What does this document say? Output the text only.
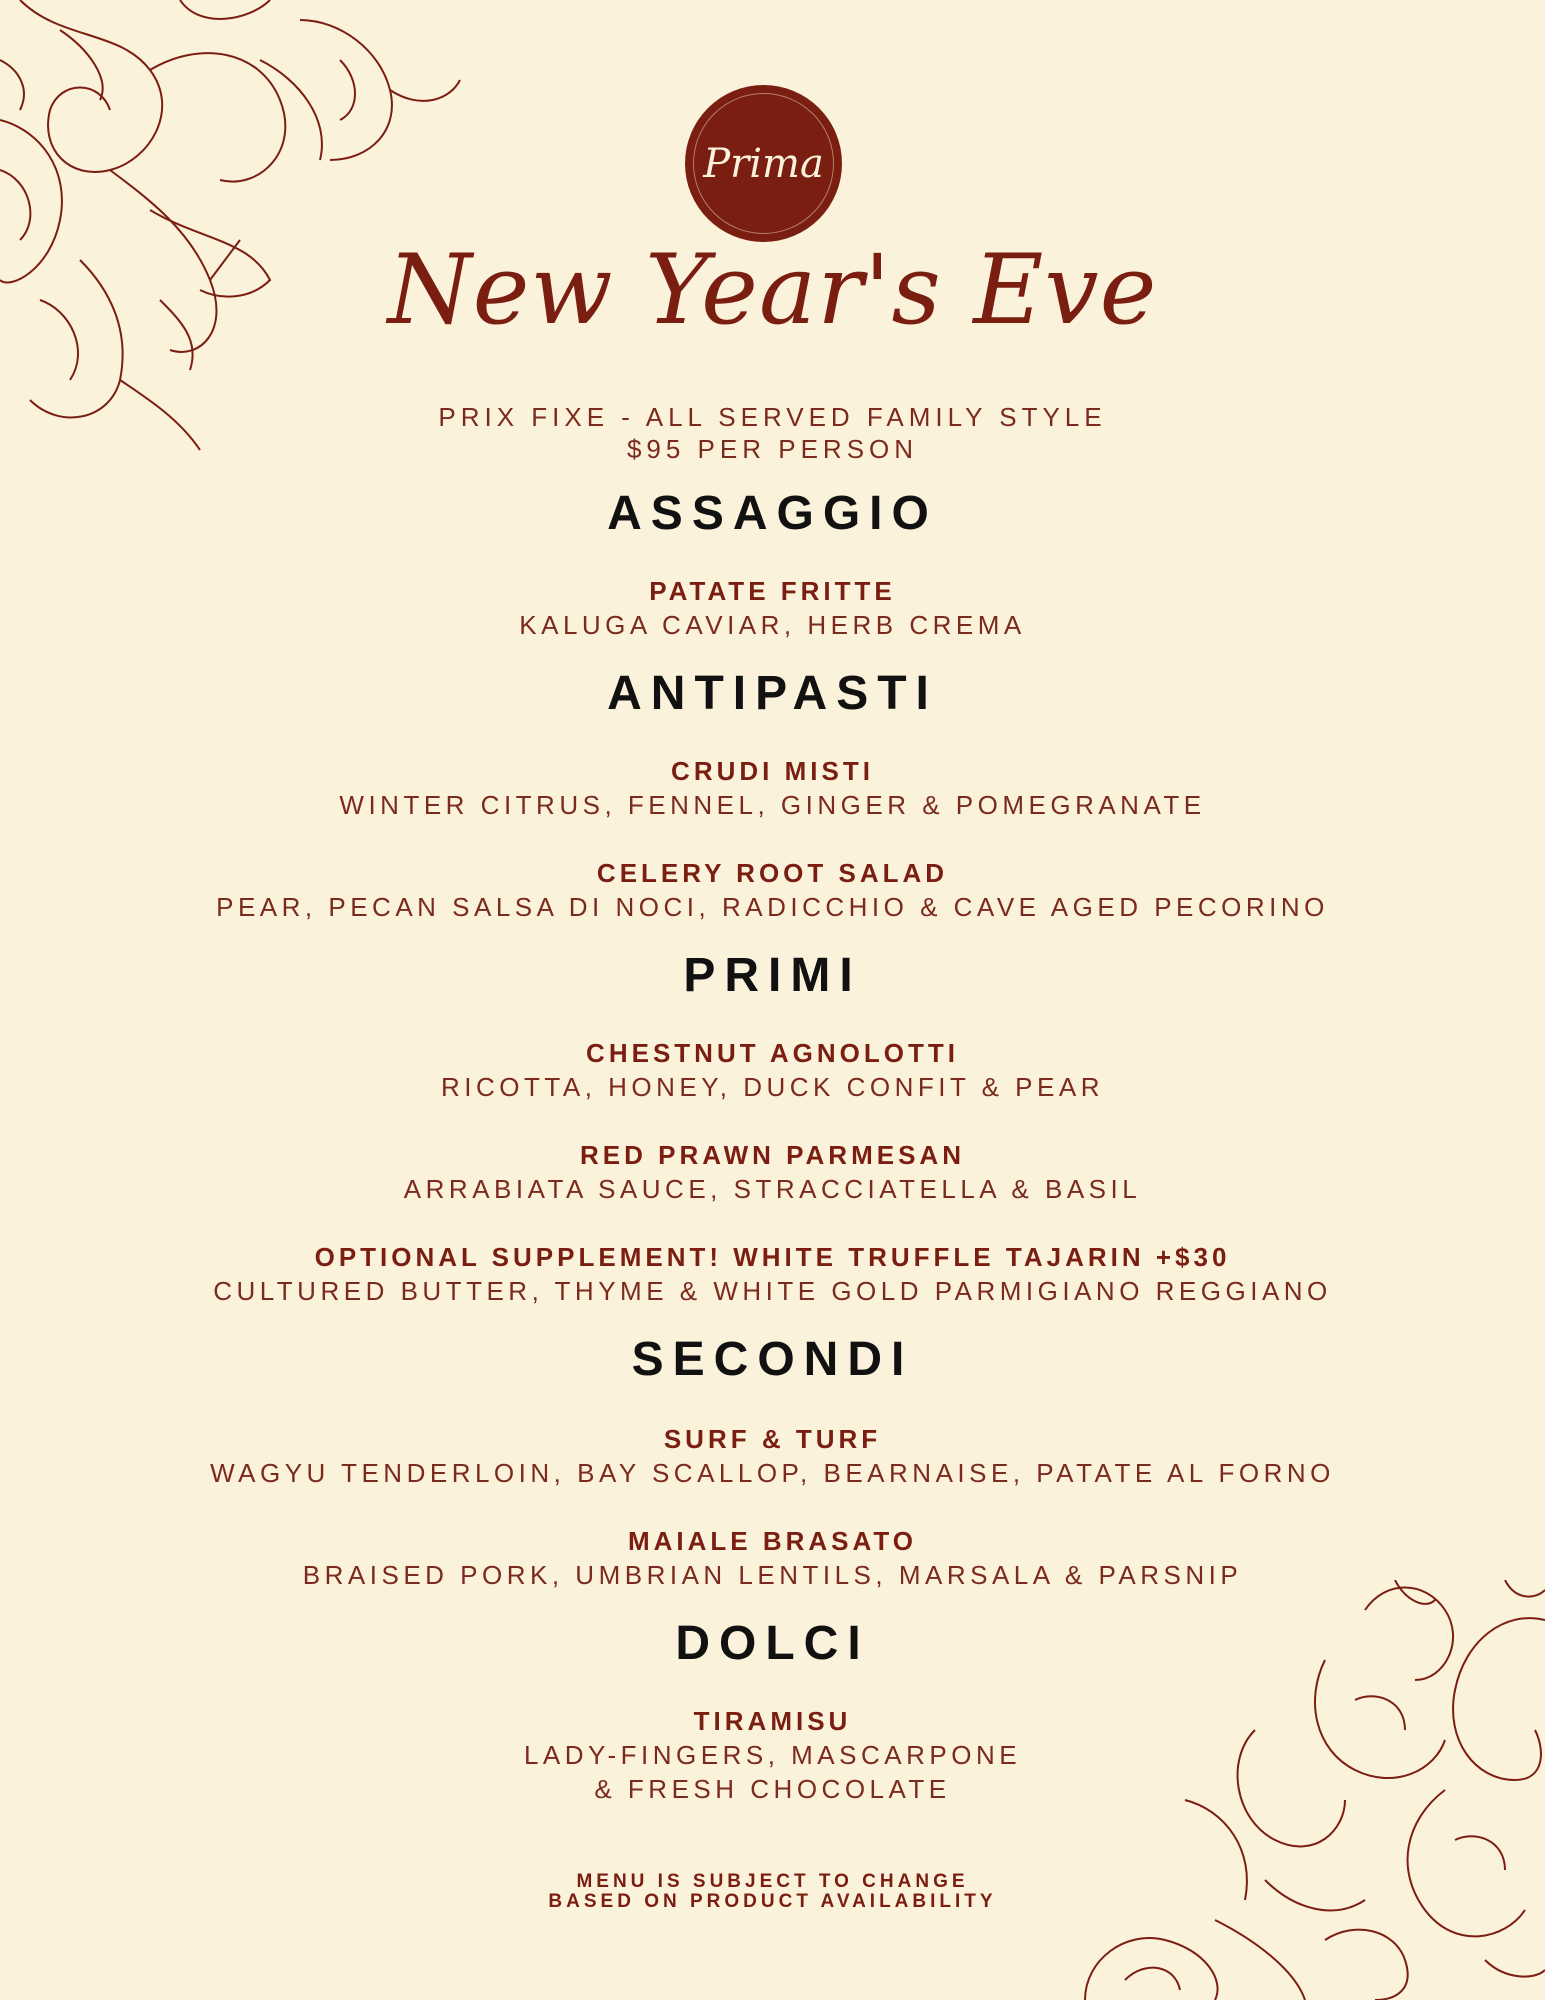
Prima
New Year's Eve
PRIX FIXE - ALL SERVED FAMILY STYLE
$95 PER PERSON
ASSAGGIO
PATATE FRITTE
KALUGA CAVIAR, HERB CREMA
ANTIPASTI
CRUDI MISTI
WINTER CITRUS, FENNEL, GINGER & POMEGRANATE
CELERY ROOT SALAD
PEAR, PECAN SALSA DI NOCI, RADICCHIO & CAVE AGED PECORINO
PRIMI
CHESTNUT AGNOLOTTI
RICOTTA, HONEY, DUCK CONFIT & PEAR
RED PRAWN PARMESAN
ARRABIATA SAUCE, STRACCIATELLA & BASIL
OPTIONAL SUPPLEMENT! WHITE TRUFFLE TAJARIN +$30
CULTURED BUTTER, THYME & WHITE GOLD PARMIGIANO REGGIANO
SECONDI
SURF & TURF
WAGYU TENDERLOIN, BAY SCALLOP, BEARNAISE, PATATE AL FORNO
MAIALE BRASATO
BRAISED PORK, UMBRIAN LENTILS, MARSALA & PARSNIP
DOLCI
TIRAMISU
LADY-FINGERS, MASCARPONE
& FRESH CHOCOLATE
MENU IS SUBJECT TO CHANGE
BASED ON PRODUCT AVAILABILITY
